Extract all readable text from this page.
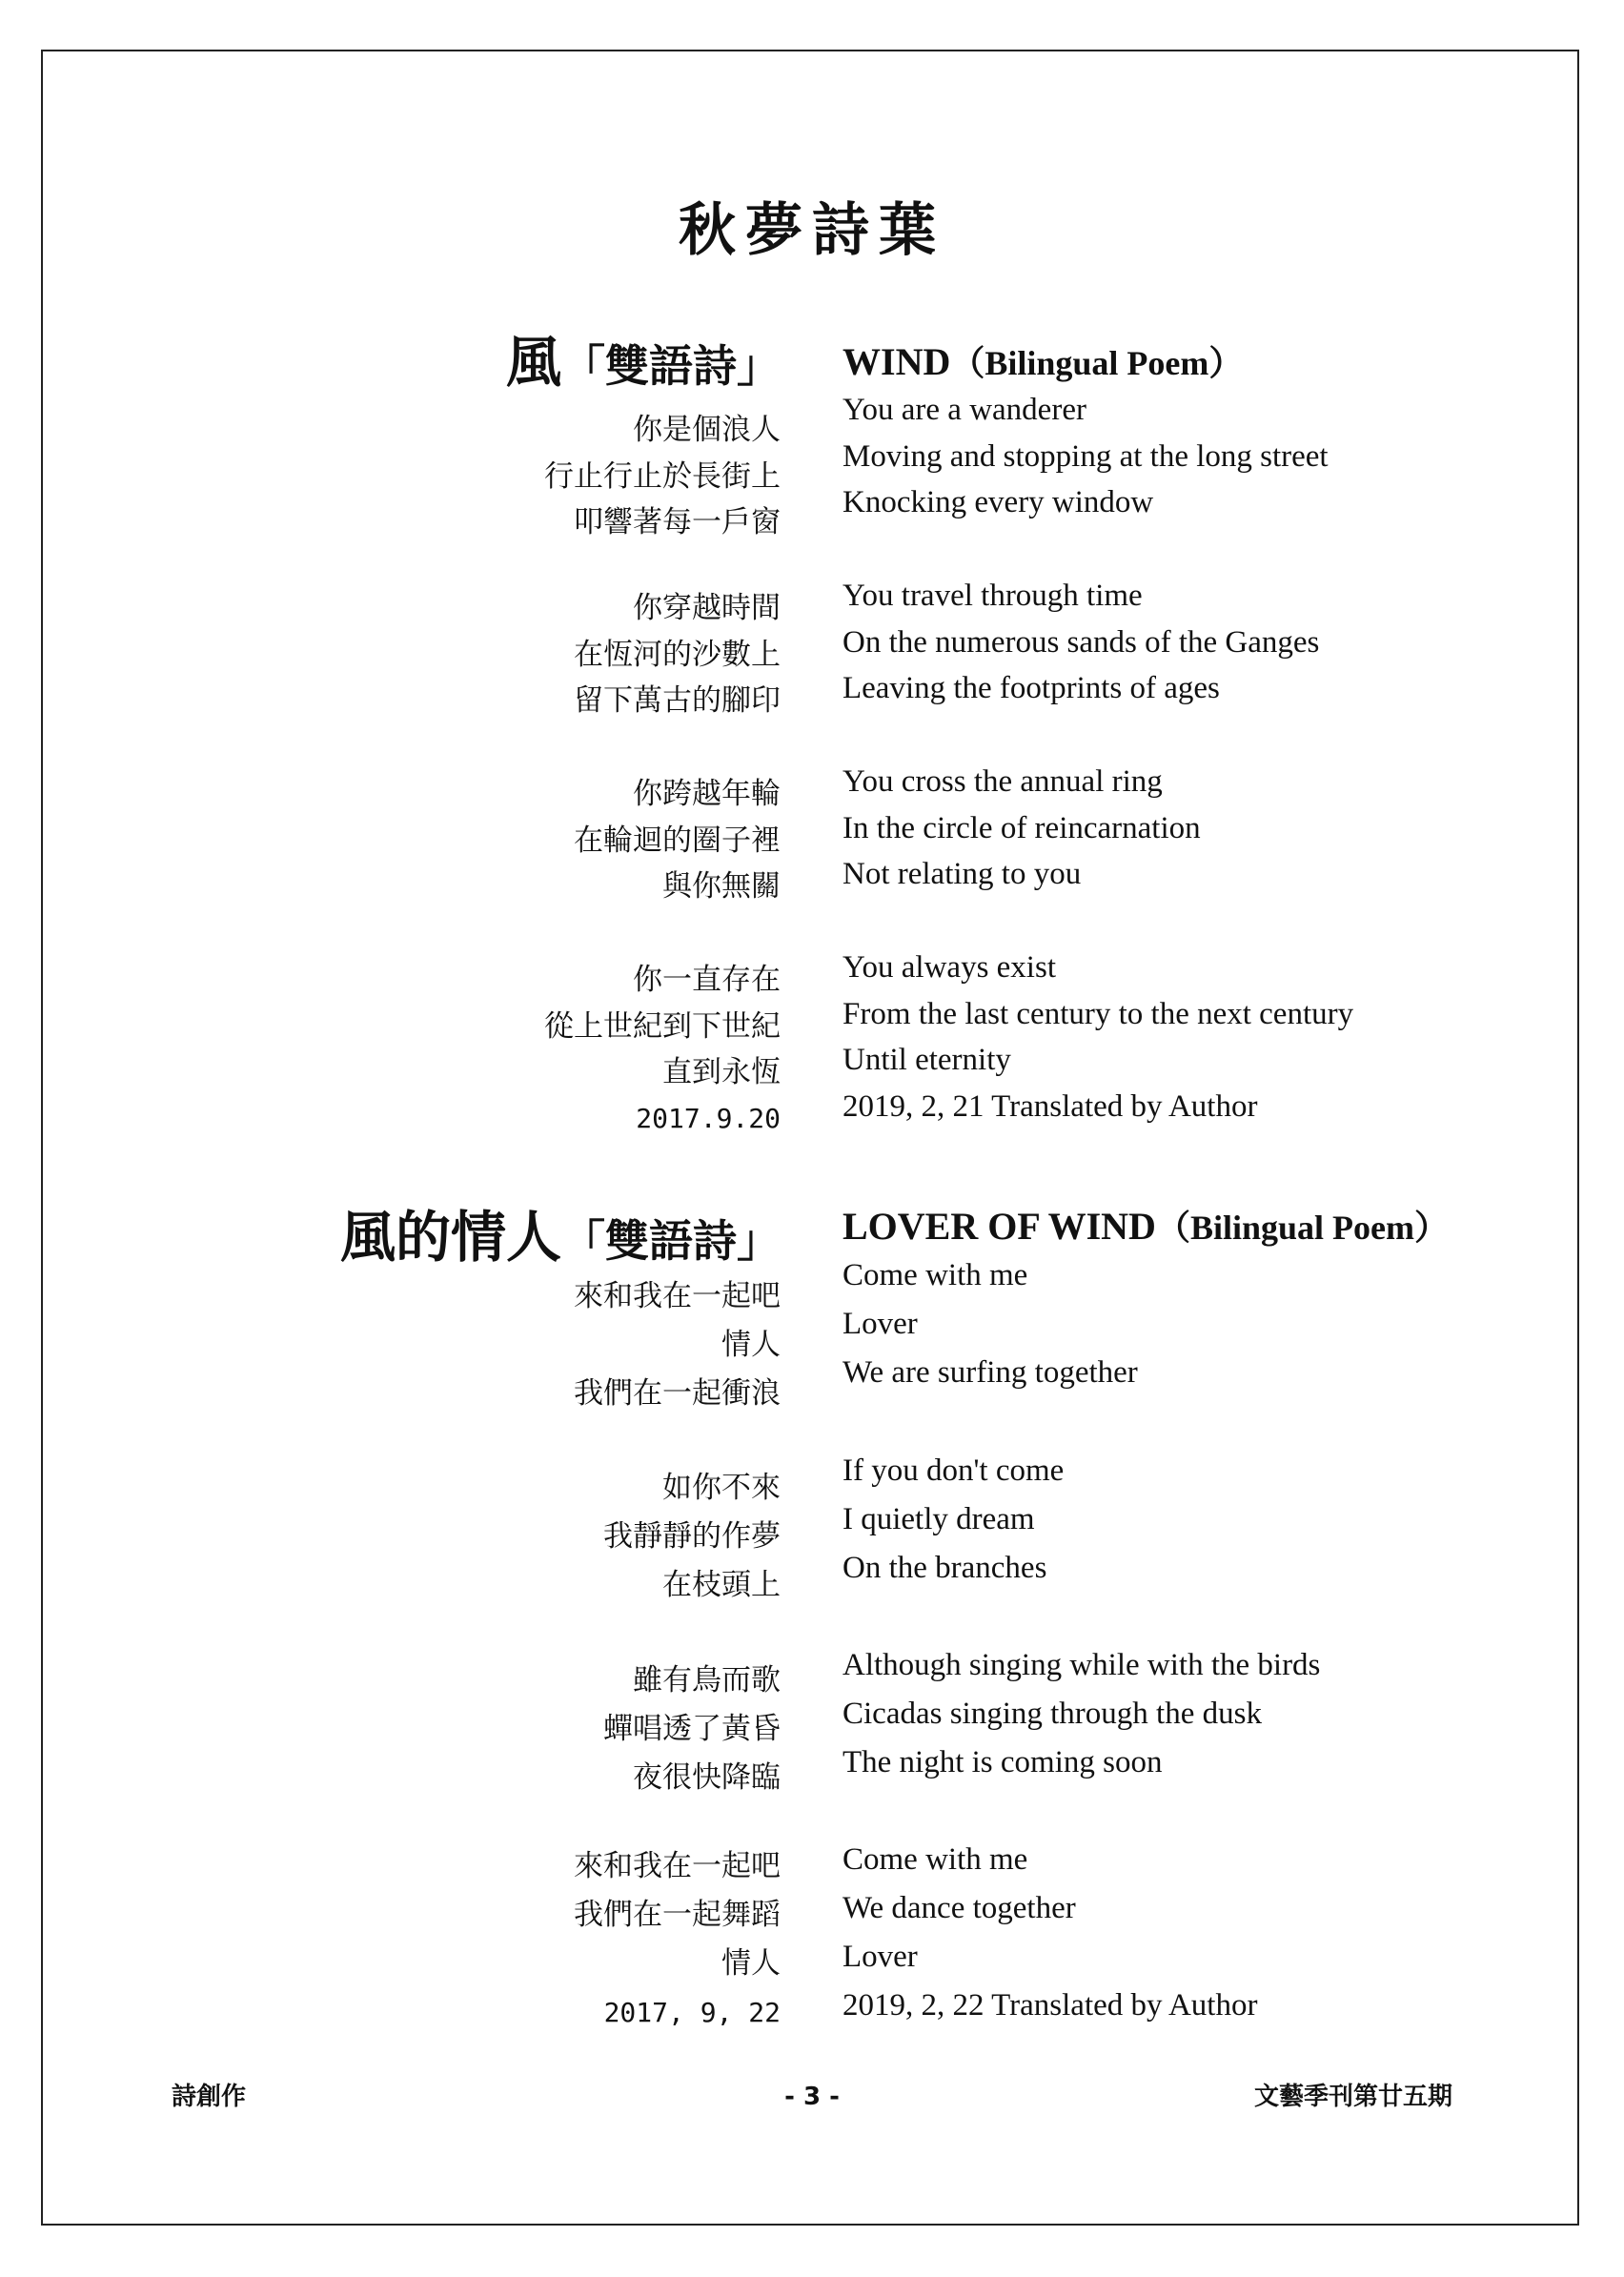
秋夢詩葉
風「雙語詩」 WIND（Bilingual Poem）
你是個浪人
行止行止於長街上
叩響著每一戶窗
You are a wanderer
Moving and stopping at the long street
Knocking every window
你穿越時間
在恆河的沙數上
留下萬古的腳印
You travel through time
On the numerous sands of the Ganges
Leaving the footprints of ages
你跨越年輪
在輪迴的圈子裡
與你無關
You cross the annual ring
In the circle of reincarnation
Not relating to you
你一直存在
從上世紀到下世紀
直到永恆
2017.9.20
You always exist
From the last century to the next century
Until eternity
2019, 2, 21 Translated by Author
風的情人「雙語詩」 LOVER OF WIND（Bilingual Poem）
來和我在一起吧
情人
我們在一起衝浪
Come with me
Lover
We are surfing together
如你不來
我靜靜的作夢
在枝頭上
If you don't come
I quietly dream
On the branches
雖有鳥而歌
蟬唱透了黃昏
夜很快降臨
Although singing while with the birds
Cicadas singing through the dusk
The night is coming soon
來和我在一起吧
我們在一起舞蹈
情人
2017, 9, 22
Come with me
We dance together
Lover
2019, 2, 22 Translated by Author
詩創作	- 3 -	文藝季刊第廿五期
